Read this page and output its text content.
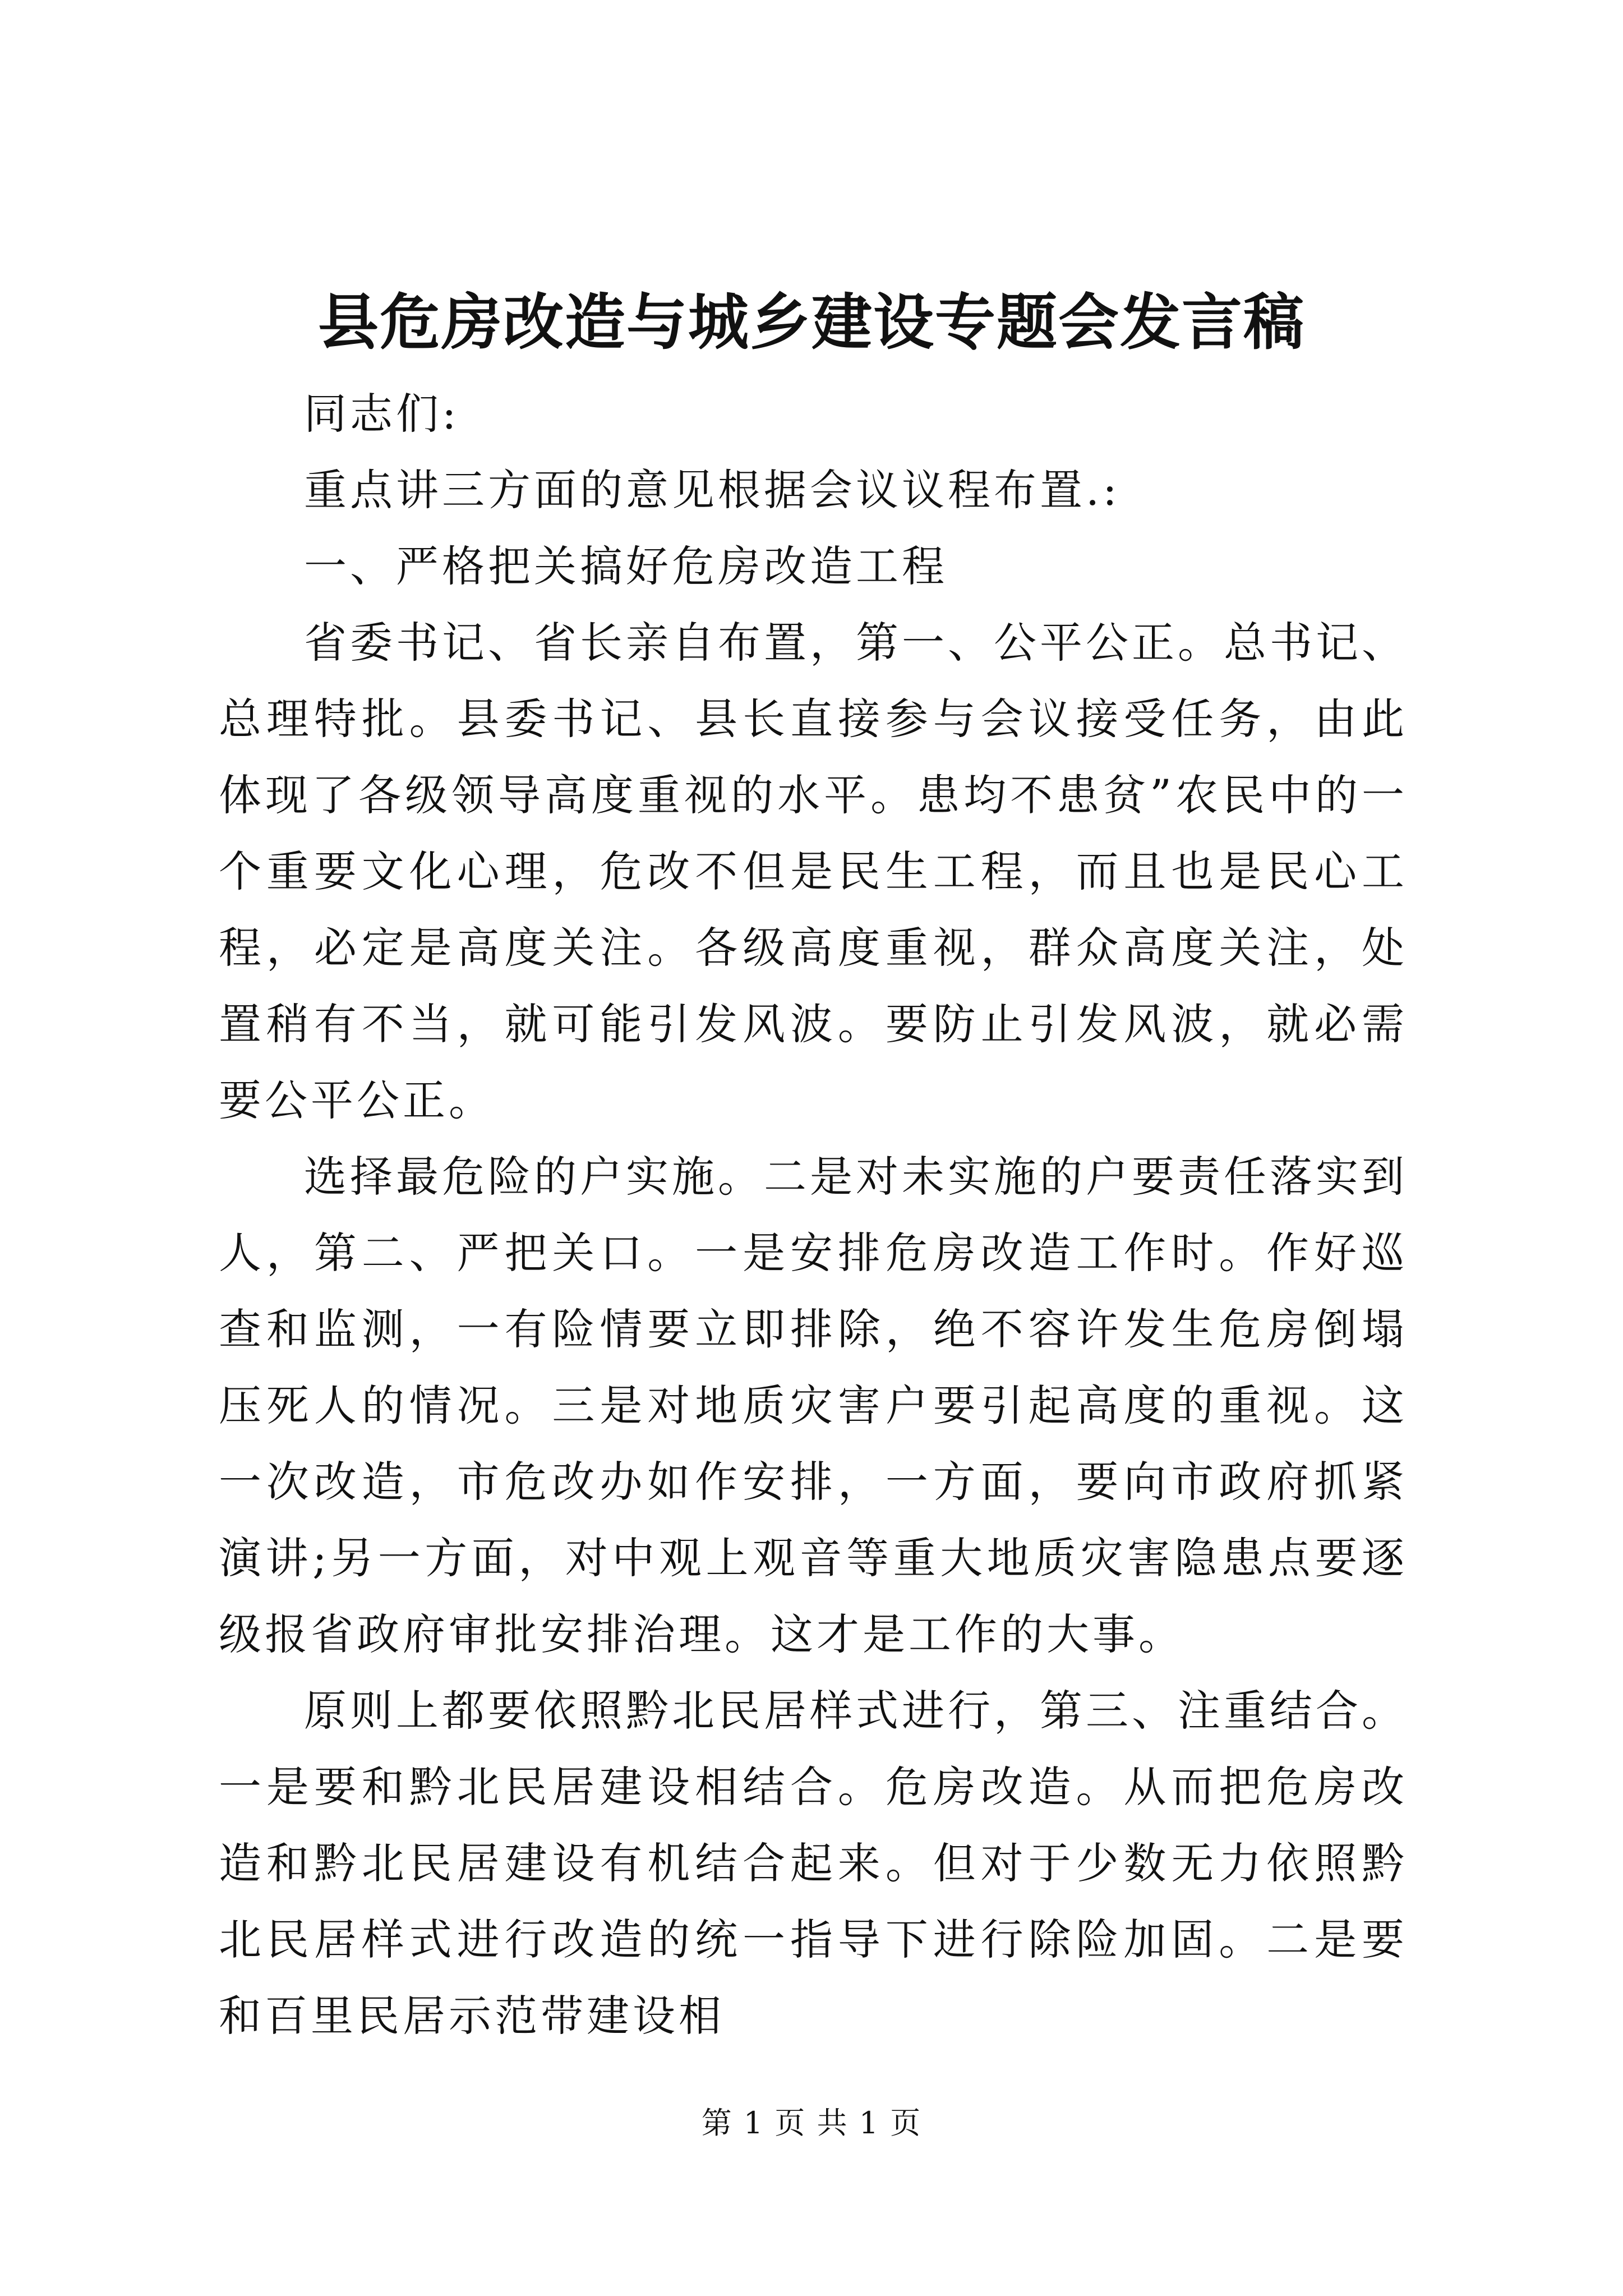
县危房改造与城乡建设专题会发言稿

同志们:

重点讲三方面的意见根据会议议程布置.:

一、严格把关搞好危房改造工程

省委书记、省长亲自布置，第一、公平公正。总书记、总理特批。县委书记、县长直接参与会议接受任务，由此体现了各级领导高度重视的水平。患均不患贫”农民中的一个重要文化心理，危改不但是民生工程，而且也是民心工程，必定是高度关注。各级高度重视，群众高度关注，处置稍有不当，就可能引发风波。要防止引发风波，就必需要公平公正。

选择最危险的户实施。二是对未实施的户要责任落实到人，第二、严把关口。一是安排危房改造工作时。作好巡查和监测，一有险情要立即排除，绝不容许发生危房倒塌压死人的情况。三是对地质灾害户要引起高度的重视。这一次改造，市危改办如作安排，一方面，要向市政府抓紧演讲;另一方面，对中观上观音等重大地质灾害隐患点要逐级报省政府审批安排治理。这才是工作的大事。

原则上都要依照黔北民居样式进行，第三、注重结合。一是要和黔北民居建设相结合。危房改造。从而把危房改造和黔北民居建设有机结合起来。但对于少数无力依照黔北民居样式进行改造的统一指导下进行除险加固。二是要和百里民居示范带建设相

第 1 页 共 1 页
